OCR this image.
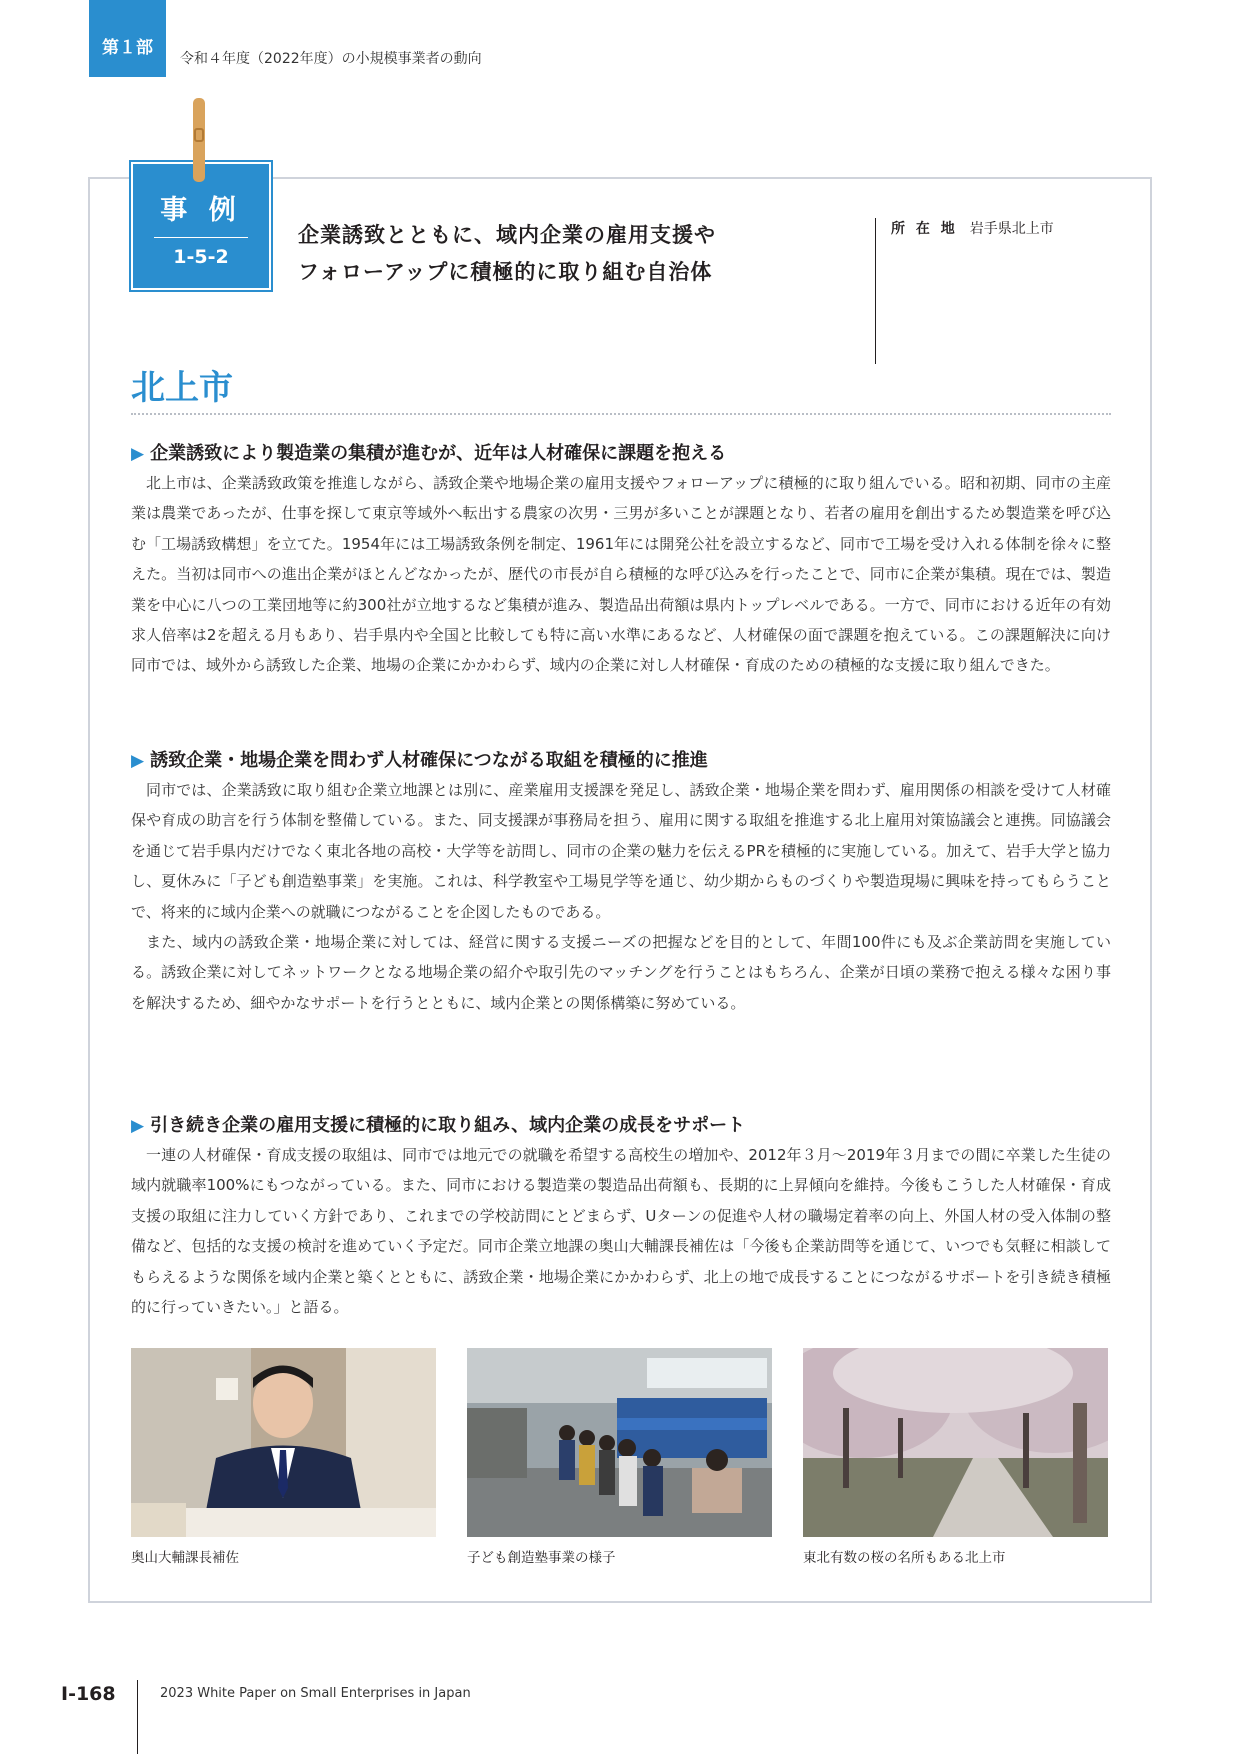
第１部
令和４年度（2022年度）の小規模事業者の動向
事 例
1-5-2
企業誘致とともに、域内企業の雇用支援や
フォローアップに積極的に取り組む自治体
所 在 地 岩手県北上市
北上市

▶ 企業誘致により製造業の集積が進むが、近年は人材確保に課題を抱える

北上市は、企業誘致政策を推進しながら、誘致企業や地場企業の雇用支援やフォローアップに積極的に取り組んでいる。昭和初期、同市の主産業は農業であったが、仕事を探して東京等域外へ転出する農家の次男・三男が多いことが課題となり、若者の雇用を創出するため製造業を呼び込む「工場誘致構想」を立てた。1954年には工場誘致条例を制定、1961年には開発公社を設立するなど、同市で工場を受け入れる体制を徐々に整えた。当初は同市への進出企業がほとんどなかったが、歴代の市長が自ら積極的な呼び込みを行ったことで、同市に企業が集積。現在では、製造業を中心に八つの工業団地等に約300社が立地するなど集積が進み、製造品出荷額は県内トップレベルである。一方で、同市における近年の有効求人倍率は2を超える月もあり、岩手県内や全国と比較しても特に高い水準にあるなど、人材確保の面で課題を抱えている。この課題解決に向け同市では、域外から誘致した企業、地場の企業にかかわらず、域内の企業に対し人材確保・育成のための積極的な支援に取り組んできた。

▶ 誘致企業・地場企業を問わず人材確保につながる取組を積極的に推進

同市では、企業誘致に取り組む企業立地課とは別に、産業雇用支援課を発足し、誘致企業・地場企業を問わず、雇用関係の相談を受けて人材確保や育成の助言を行う体制を整備している。また、同支援課が事務局を担う、雇用に関する取組を推進する北上雇用対策協議会と連携。同協議会を通じて岩手県内だけでなく東北各地の高校・大学等を訪問し、同市の企業の魅力を伝えるPRを積極的に実施している。加えて、岩手大学と協力し、夏休みに「子ども創造塾事業」を実施。これは、科学教室や工場見学等を通じ、幼少期からものづくりや製造現場に興味を持ってもらうことで、将来的に域内企業への就職につながることを企図したものである。

また、域内の誘致企業・地場企業に対しては、経営に関する支援ニーズの把握などを目的として、年間100件にも及ぶ企業訪問を実施している。誘致企業に対してネットワークとなる地場企業の紹介や取引先のマッチングを行うことはもちろん、企業が日頃の業務で抱える様々な困り事を解決するため、細やかなサポートを行うとともに、域内企業との関係構築に努めている。

▶ 引き続き企業の雇用支援に積極的に取り組み、域内企業の成長をサポート

一連の人材確保・育成支援の取組は、同市では地元での就職を希望する高校生の増加や、2012年３月〜2019年３月までの間に卒業した生徒の域内就職率100%にもつながっている。また、同市における製造業の製造品出荷額も、長期的に上昇傾向を維持。今後もこうした人材確保・育成支援の取組に注力していく方針であり、これまでの学校訪問にとどまらず、Uターンの促進や人材の職場定着率の向上、外国人材の受入体制の整備など、包括的な支援の検討を進めていく予定だ。同市企業立地課の奥山大輔課長補佐は「今後も企業訪問等を通じて、いつでも気軽に相談してもらえるような関係を域内企業と築くとともに、誘致企業・地場企業にかかわらず、北上の地で成長することにつながるサポートを引き続き積極的に行っていきたい。」と語る。

奥山大輔課長補佐	子ども創造塾事業の様子	東北有数の桜の名所もある北上市
I-168	2023 White Paper on Small Enterprises in Japan
